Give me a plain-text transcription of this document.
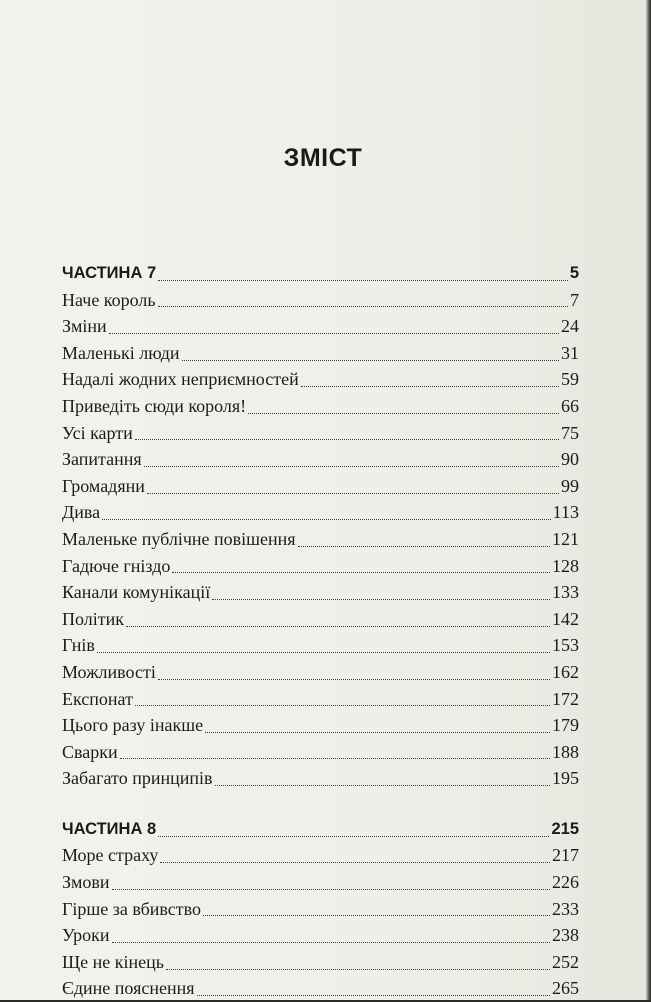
ЗМІСТ
ЧАСТИНА 7	5
Наче король	7
Зміни	24
Маленькі люди	31
Надалі жодних неприємностей	59
Приведіть сюди короля!	66
Усі карти	75
Запитання	90
Громадяни	99
Дива	113
Маленьке публічне повішення	121
Гадюче гніздо	128
Канали комунікації	133
Політик	142
Гнів	153
Можливості	162
Експонат	172
Цього разу інакше	179
Сварки	188
Забагато принципів	195
ЧАСТИНА 8	215
Море страху	217
Змови	226
Гірше за вбивство	233
Уроки	238
Ще не кінець	252
Єдине пояснення	265
